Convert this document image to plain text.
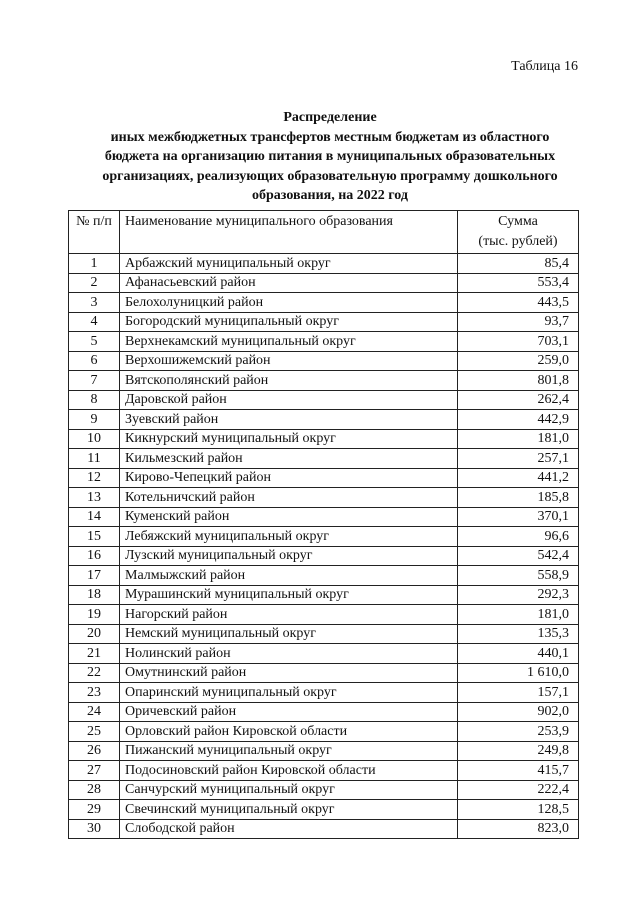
Таблица 16
Распределение
иных межбюджетных трансфертов местным бюджетам из областного
бюджета на организацию питания в муниципальных образовательных
организациях, реализующих образовательную программу дошкольного
образования, на 2022 год
№ п/п	Наименование муниципального образования	Сумма
(тыс. рублей)
1	Арбажский муниципальный округ	85,4
2	Афанасьевский район	553,4
3	Белохолуницкий район	443,5
4	Богородский муниципальный округ	93,7
5	Верхнекамский муниципальный округ	703,1
6	Верхошижемский район	259,0
7	Вятскополянский район	801,8
8	Даровской район	262,4
9	Зуевский район	442,9
10	Кикнурский муниципальный округ	181,0
11	Кильмезский район	257,1
12	Кирово-Чепецкий район	441,2
13	Котельничский район	185,8
14	Куменский район	370,1
15	Лебяжский муниципальный округ	96,6
16	Лузский муниципальный округ	542,4
17	Малмыжский район	558,9
18	Мурашинский муниципальный округ	292,3
19	Нагорский район	181,0
20	Немский муниципальный округ	135,3
21	Нолинский район	440,1
22	Омутнинский район	1 610,0
23	Опаринский муниципальный округ	157,1
24	Оричевский район	902,0
25	Орловский район Кировской области	253,9
26	Пижанский муниципальный округ	249,8
27	Подосиновский район Кировской области	415,7
28	Санчурский муниципальный округ	222,4
29	Свечинский муниципальный округ	128,5
30	Слободской район	823,0
